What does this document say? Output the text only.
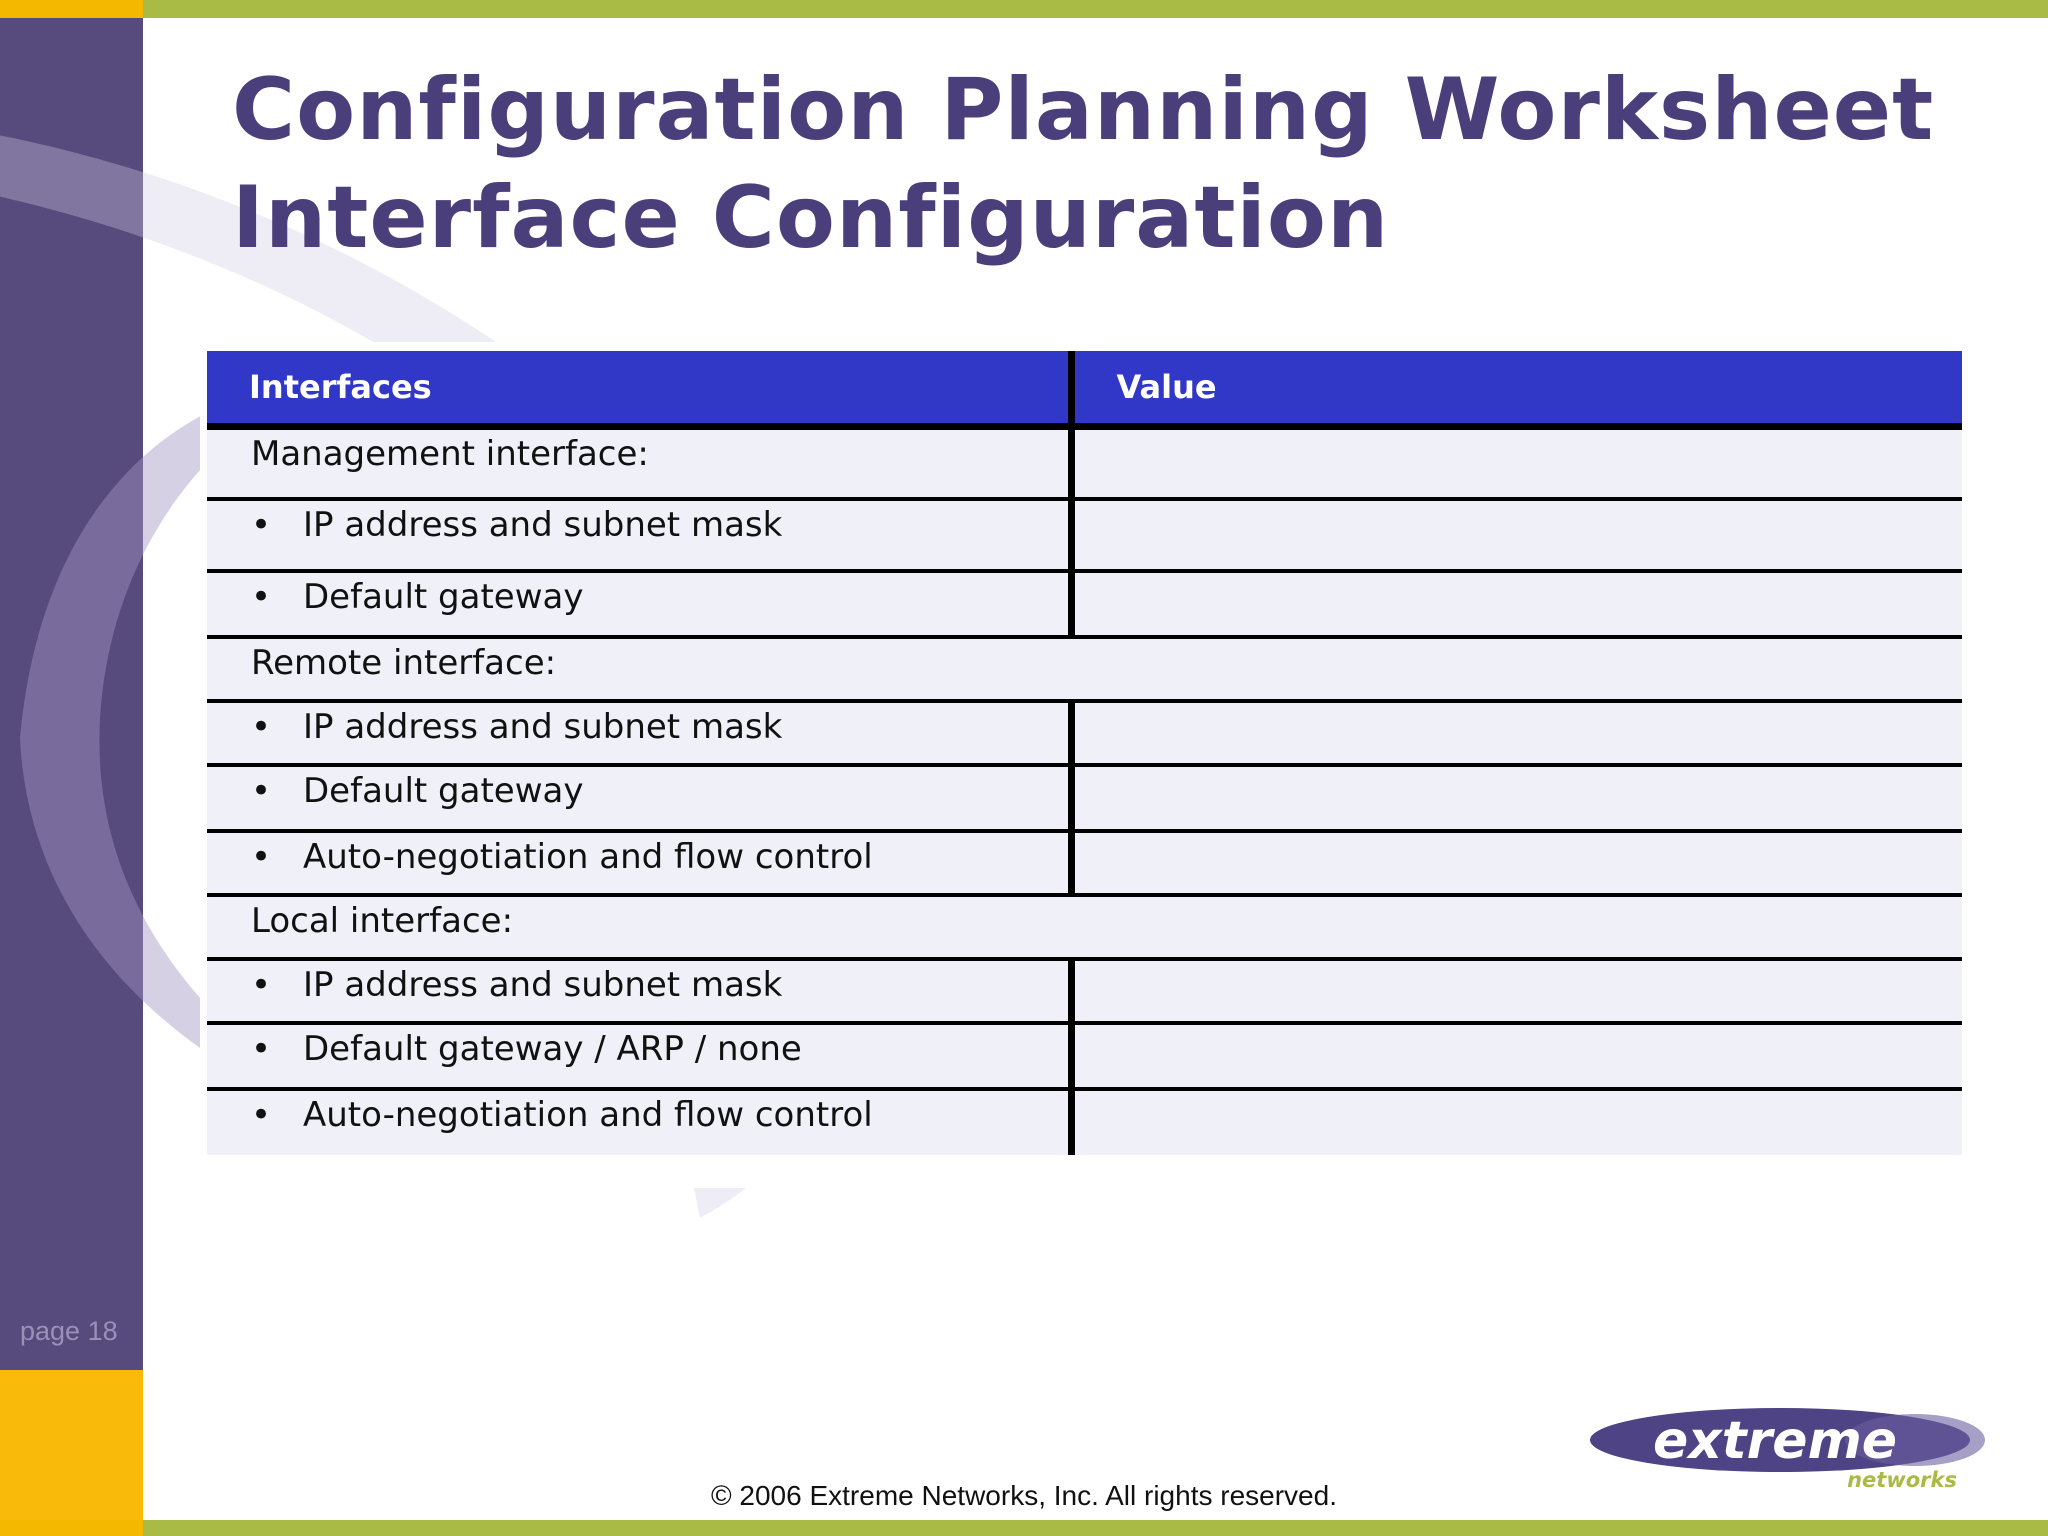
page 18
Configuration Planning Worksheet
Interface Configuration
Interfaces	Value
Management interface:	
• IP address and subnet mask	
• Default gateway	
Remote interface:	
• IP address and subnet mask	
• Default gateway	
• Auto-negotiation and flow control	
Local interface:	
• IP address and subnet mask	
• Default gateway / ARP / none	
• Auto-negotiation and flow control	
extreme
networks
© 2006 Extreme Networks, Inc. All rights reserved.
